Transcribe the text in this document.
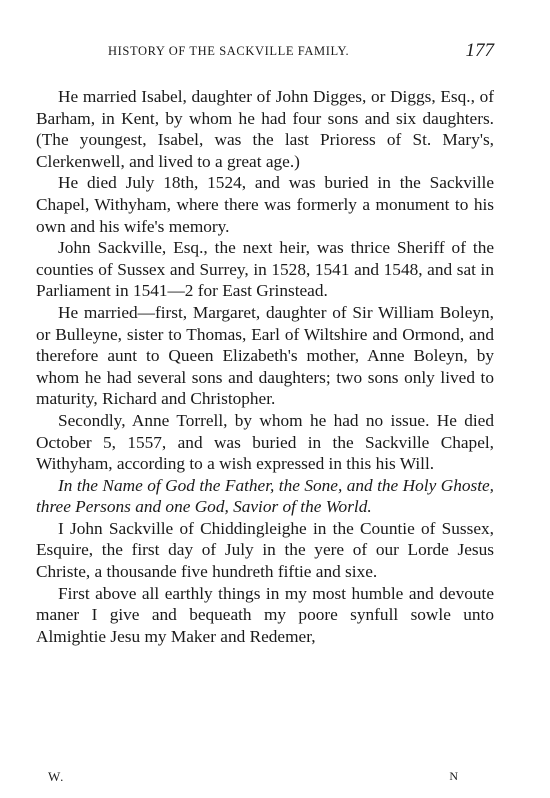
HISTORY OF THE SACKVILLE FAMILY.	177

He married Isabel, daughter of John Digges, or Diggs, Esq., of Barham, in Kent, by whom he had four sons and six daughters. (The youngest, Isabel, was the last Prioress of St. Mary's, Clerkenwell, and lived to a great age.)

He died July 18th, 1524, and was buried in the Sackville Chapel, Withyham, where there was formerly a monument to his own and his wife's memory.

John Sackville, Esq., the next heir, was thrice Sheriff of the counties of Sussex and Surrey, in 1528, 1541 and 1548, and sat in Parliament in 1541—2 for East Grinstead.

He married—first, Margaret, daughter of Sir William Boleyn, or Bulleyne, sister to Thomas, Earl of Wiltshire and Ormond, and therefore aunt to Queen Elizabeth's mother, Anne Boleyn, by whom he had several sons and daughters; two sons only lived to maturity, Richard and Christopher.

Secondly, Anne Torrell, by whom he had no issue. He died October 5, 1557, and was buried in the Sackville Chapel, Withyham, according to a wish expressed in this his Will.

In the Name of God the Father, the Sone, and the Holy Ghoste, three Persons and one God, Savior of the World.

I John Sackville of Chiddingleighe in the Countie of Sussex, Esquire, the first day of July in the yere of our Lorde Jesus Christe, a thousande five hundreth fiftie and sixe.

First above all earthly things in my most humble and devoute maner I give and bequeath my poore synfull sowle unto Almightie Jesu my Maker and Redemer,

W.	N
